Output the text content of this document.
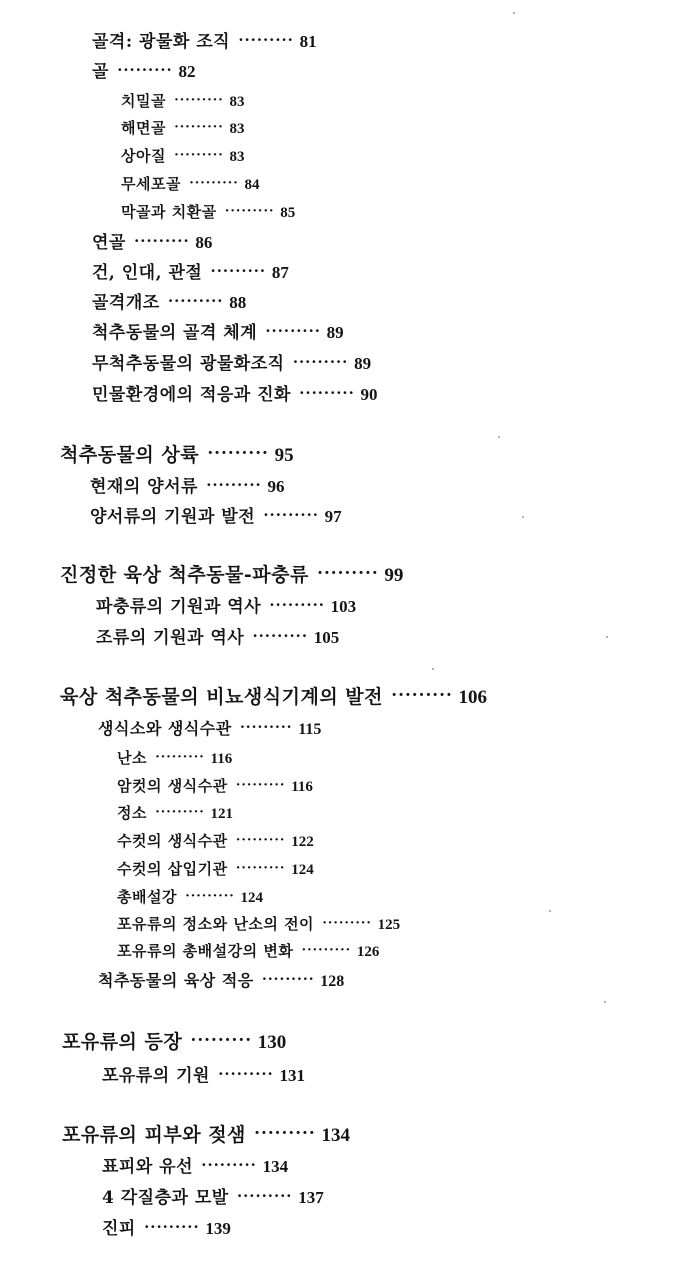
골격: 광물화 조직 ········· 81
골 ········· 82
치밀골 ········· 83
해면골 ········· 83
상아질 ········· 83
무세포골 ········· 84
막골과 치환골 ········· 85
연골 ········· 86
건, 인대, 관절 ········· 87
골격개조 ········· 88
척추동물의 골격 체계 ········· 89
무척추동물의 광물화조직 ········· 89
민물환경에의 적응과 진화 ········· 90
척추동물의 상륙 ········· 95
현재의 양서류 ········· 96
양서류의 기원과 발전 ········· 97
진정한 육상 척추동물-파충류 ········· 99
파충류의 기원과 역사 ········· 103
조류의 기원과 역사 ········· 105
육상 척추동물의 비뇨생식기계의 발전 ········· 106
생식소와 생식수관 ········· 115
난소 ········· 116
암컷의 생식수관 ········· 116
정소 ········· 121
수컷의 생식수관 ········· 122
수컷의 삽입기관 ········· 124
총배설강 ········· 124
포유류의 정소와 난소의 전이 ········· 125
포유류의 총배설강의 변화 ········· 126
척추동물의 육상 적응 ········· 128
포유류의 등장 ········· 130
포유류의 기원 ········· 131
포유류의 피부와 젖샘 ········· 134
표피와 유선 ········· 134
4 각질층과 모발 ········· 137
진피 ········· 139
